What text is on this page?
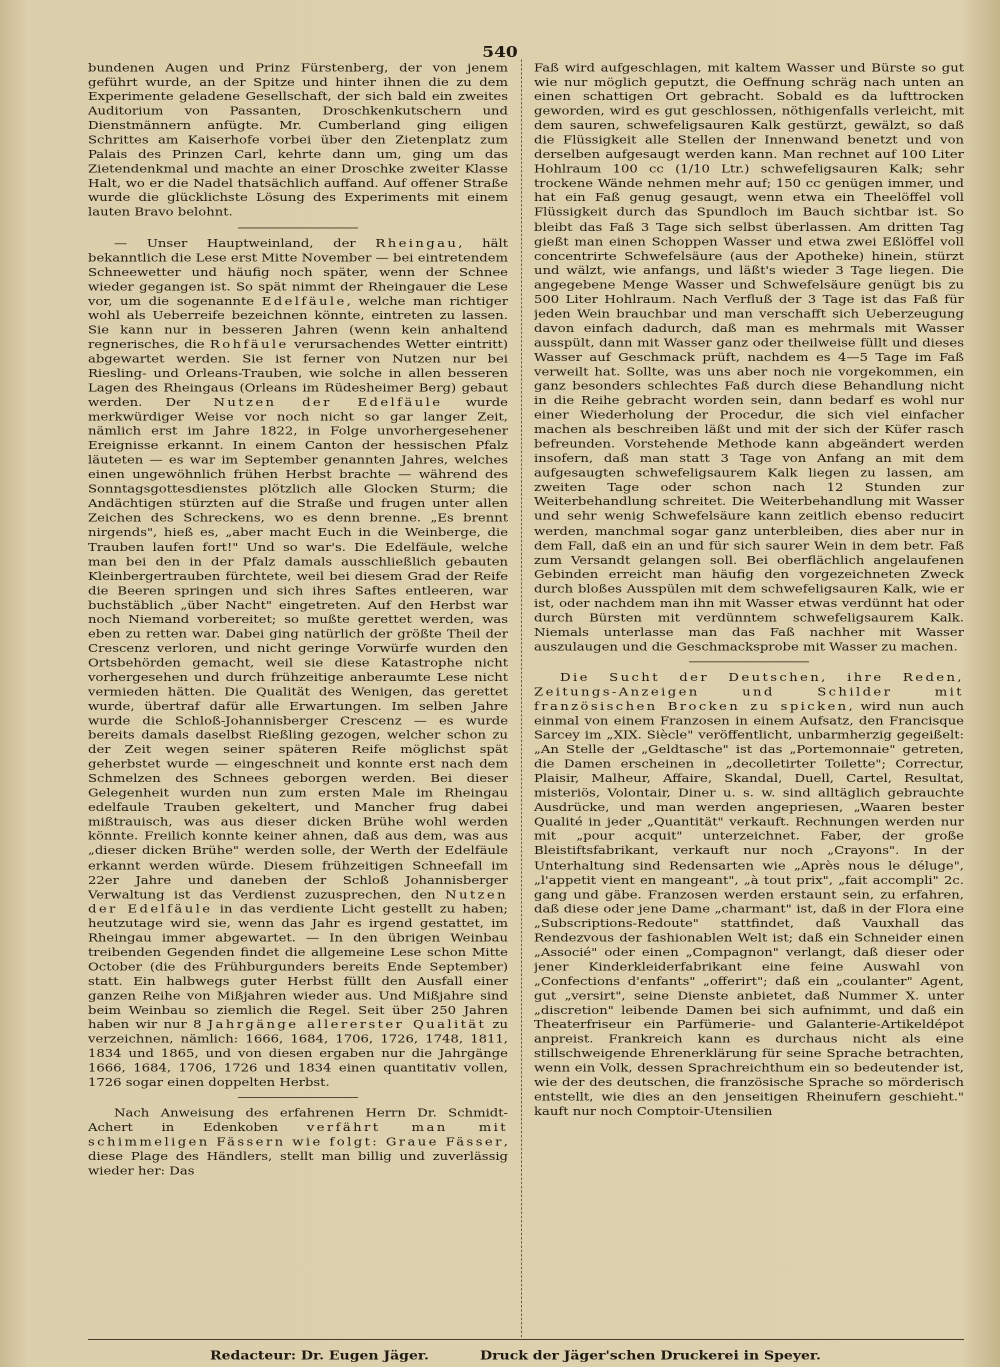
540

bundenen Augen und Prinz Fürstenberg, der von jenem geführt wurde, an der Spitze und hinter ihnen die zu dem Experimente geladene Gesellschaft, der sich bald ein zweites Auditorium von Passanten, Droschkenkutschern und Dienstmännern anfügte. Mr. Cumberland ging eiligen Schrittes am Kaiserhofe vorbei über den Zietenplatz zum Palais des Prinzen Carl, kehrte dann um, ging um das Zietendenkmal und machte an einer Droschke zweiter Klasse Halt, wo er die Nadel thatsächlich auffand. Auf offener Straße wurde die glücklichste Lösung des Experiments mit einem lauten Bravo belohnt.

— Unser Hauptweinland, der Rheingau, hält bekanntlich die Lese erst Mitte November — bei eintretendem Schneewetter und häufig noch später, wenn der Schnee wieder gegangen ist. So spät nimmt der Rheingauer die Lese vor, um die sogenannte Edelfäule, welche man richtiger wohl als Ueberreife bezeichnen könnte, eintreten zu lassen. Sie kann nur in besseren Jahren (wenn kein anhaltend regnerisches, die Rohfäule verursachendes Wetter eintritt) abgewartet werden. Sie ist ferner von Nutzen nur bei Riesling- und Orleans-Trauben, wie solche in allen besseren Lagen des Rheingaus (Orleans im Rüdesheimer Berg) gebaut werden. Der Nutzen der Edelfäule wurde merkwürdiger Weise vor noch nicht so gar langer Zeit, nämlich erst im Jahre 1822, in Folge unvorhergesehener Ereignisse erkannt. In einem Canton der hessischen Pfalz läuteten — es war im September genannten Jahres, welches einen ungewöhnlich frühen Herbst brachte — während des Sonntagsgottesdienstes plötzlich alle Glocken Sturm; die Andächtigen stürzten auf die Straße und frugen unter allen Zeichen des Schreckens, wo es denn brenne. „Es brennt nirgends", hieß es, „aber macht Euch in die Weinberge, die Trauben laufen fort!" Und so war's. Die Edelfäule, welche man bei den in der Pfalz damals ausschließlich gebauten Kleinbergertrauben fürchtete, weil bei diesem Grad der Reife die Beeren springen und sich ihres Saftes entleeren, war buchstäblich „über Nacht" eingetreten. Auf den Herbst war noch Niemand vorbereitet; so mußte gerettet werden, was eben zu retten war. Dabei ging natürlich der größte Theil der Crescenz verloren, und nicht geringe Vorwürfe wurden den Ortsbehörden gemacht, weil sie diese Katastrophe nicht vorhergesehen und durch frühzeitige anberaumte Lese nicht vermieden hätten. Die Qualität des Wenigen, das gerettet wurde, übertraf dafür alle Erwartungen. Im selben Jahre wurde die Schloß-Johannisberger Crescenz — es wurde bereits damals daselbst Rießling gezogen, welcher schon zu der Zeit wegen seiner späteren Reife möglichst spät geherbstet wurde — eingeschneit und konnte erst nach dem Schmelzen des Schnees geborgen werden. Bei dieser Gelegenheit wurden nun zum ersten Male im Rheingau edelfaule Trauben gekeltert, und Mancher frug dabei mißtrauisch, was aus dieser dicken Brühe wohl werden könnte. Freilich konnte keiner ahnen, daß aus dem, was aus „dieser dicken Brühe" werden solle, der Werth der Edelfäule erkannt werden würde. Diesem frühzeitigen Schneefall im 22er Jahre und daneben der Schloß Johannisberger Verwaltung ist das Verdienst zuzusprechen, den Nutzen der Edelfäule in das verdiente Licht gestellt zu haben; heutzutage wird sie, wenn das Jahr es irgend gestattet, im Rheingau immer abgewartet. — In den übrigen Weinbau treibenden Gegenden findet die allgemeine Lese schon Mitte October (die des Frühburgunders bereits Ende September) statt. Ein halbwegs guter Herbst füllt den Ausfall einer ganzen Reihe von Mißjahren wieder aus. Und Mißjahre sind beim Weinbau so ziemlich die Regel. Seit über 250 Jahren haben wir nur 8 Jahrgänge allererster Qualität zu verzeichnen, nämlich: 1666, 1684, 1706, 1726, 1748, 1811, 1834 und 1865, und von diesen ergaben nur die Jahrgänge 1666, 1684, 1706, 1726 und 1834 einen quantitativ vollen, 1726 sogar einen doppelten Herbst.

Nach Anweisung des erfahrenen Herrn Dr. Schmidt-Achert in Edenkoben verfährt man mit schimmeligen Fässern wie folgt: Graue Fässer, diese Plage des Händlers, stellt man billig und zuverlässig wieder her: Das

Faß wird aufgeschlagen, mit kaltem Wasser und Bürste so gut wie nur möglich geputzt, die Oeffnung schräg nach unten an einen schattigen Ort gebracht. Sobald es da lufttrocken geworden, wird es gut geschlossen, nöthigenfalls verleicht, mit dem sauren, schwefeligsauren Kalk gestürzt, gewälzt, so daß die Flüssigkeit alle Stellen der Innenwand benetzt und von derselben aufgesaugt werden kann. Man rechnet auf 100 Liter Hohlraum 100 cc (1/10 Ltr.) schwefeligsauren Kalk; sehr trockene Wände nehmen mehr auf; 150 cc genügen immer, und hat ein Faß genug gesaugt, wenn etwa ein Theelöffel voll Flüssigkeit durch das Spundloch im Bauch sichtbar ist. So bleibt das Faß 3 Tage sich selbst überlassen. Am dritten Tag gießt man einen Schoppen Wasser und etwa zwei Eßlöffel voll concentrirte Schwefelsäure (aus der Apotheke) hinein, stürzt und wälzt, wie anfangs, und läßt's wieder 3 Tage liegen. Die angegebene Menge Wasser und Schwefelsäure genügt bis zu 500 Liter Hohlraum. Nach Verfluß der 3 Tage ist das Faß für jeden Wein brauchbar und man verschafft sich Ueberzeugung davon einfach dadurch, daß man es mehrmals mit Wasser ausspült, dann mit Wasser ganz oder theilweise füllt und dieses Wasser auf Geschmack prüft, nachdem es 4—5 Tage im Faß verweilt hat. Sollte, was uns aber noch nie vorgekommen, ein ganz besonders schlechtes Faß durch diese Behandlung nicht in die Reihe gebracht worden sein, dann bedarf es wohl nur einer Wiederholung der Procedur, die sich viel einfacher machen als beschreiben läßt und mit der sich der Küfer rasch befreunden. Vorstehende Methode kann abgeändert werden insofern, daß man statt 3 Tage von Anfang an mit dem aufgesaugten schwefeligsaurem Kalk liegen zu lassen, am zweiten Tage oder schon nach 12 Stunden zur Weiterbehandlung schreitet. Die Weiterbehandlung mit Wasser und sehr wenig Schwefelsäure kann zeitlich ebenso reducirt werden, manchmal sogar ganz unterbleiben, dies aber nur in dem Fall, daß ein an und für sich saurer Wein in dem betr. Faß zum Versandt gelangen soll. Bei oberflächlich angelaufenen Gebinden erreicht man häufig den vorgezeichneten Zweck durch bloßes Ausspülen mit dem schwefeligsauren Kalk, wie er ist, oder nachdem man ihn mit Wasser etwas verdünnt hat oder durch Bürsten mit verdünntem schwefeligsaurem Kalk. Niemals unterlasse man das Faß nachher mit Wasser auszulaugen und die Geschmacksprobe mit Wasser zu machen.

Die Sucht der Deutschen, ihre Reden, Zeitungs-Anzeigen und Schilder mit französischen Brocken zu spicken, wird nun auch einmal von einem Franzosen in einem Aufsatz, den Francisque Sarcey im „XIX. Siècle" veröffentlicht, unbarmherzig gegeißelt: „An Stelle der „Geldtasche" ist das „Portemonnaie" getreten, die Damen erscheinen in „decolletirter Toilette"; Correctur, Plaisir, Malheur, Affaire, Skandal, Duell, Cartel, Resultat, misteriös, Volontair, Diner u. s. w. sind alltäglich gebrauchte Ausdrücke, und man werden angepriesen, „Waaren bester Qualité in jeder „Quantität" verkauft. Rechnungen werden nur mit „pour acquit" unterzeichnet. Faber, der große Bleistiftsfabrikant, verkauft nur noch „Crayons". In der Unterhaltung sind Redensarten wie „Après nous le déluge", „l'appetit vient en mangeant", „à tout prix", „fait accompli" 2c. gang und gäbe. Franzosen werden erstaunt sein, zu erfahren, daß diese oder jene Dame „charmant" ist, daß in der Flora eine „Subscriptions-Redoute" stattfindet, daß Vauxhall das Rendezvous der fashionablen Welt ist; daß ein Schneider einen „Associé" oder einen „Compagnon" verlangt, daß dieser oder jener Kinderkleiderfabrikant eine feine Auswahl von „Confections d'enfants" „offerirt"; daß ein „coulanter" Agent, gut „versirt", seine Dienste anbietet, daß Nummer X. unter „discretion" leibende Damen bei sich aufnimmt, und daß ein Theaterfriseur ein Parfümerie- und Galanterie-Artikeldépot anpreist. Frankreich kann es durchaus nicht als eine stillschweigende Ehrenerklärung für seine Sprache betrachten, wenn ein Volk, dessen Sprachreichthum ein so bedeutender ist, wie der des deutschen, die französische Sprache so mörderisch entstellt, wie dies an den jenseitigen Rheinufern geschieht." kauft nur noch Comptoir-Utensilien

Redacteur: Dr. Eugen Jäger.	Druck der Jäger'schen Druckerei in Speyer.
